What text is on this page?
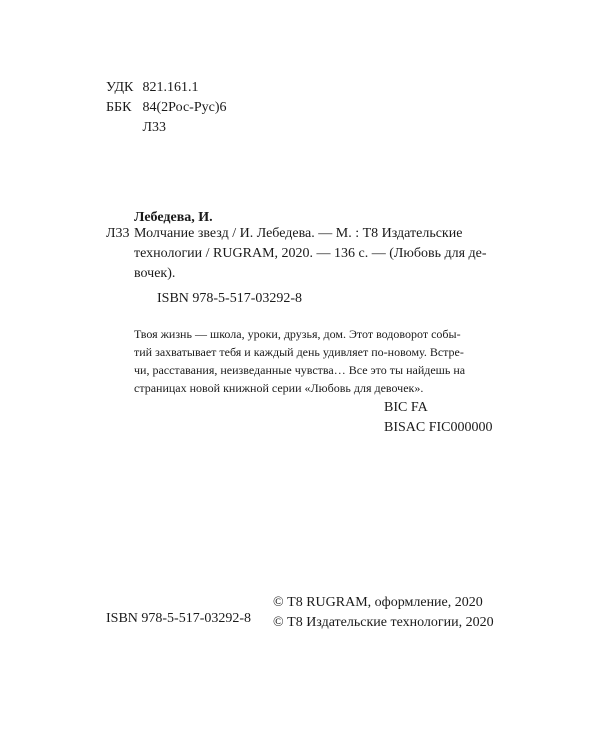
УДК 821.161.1
ББК 84(2Рос-Рус)6
Л33
Лебедева, И.
Л33 Молчание звезд / И. Лебедева. — М. : Т8 Издательские
технологии / RUGRAM, 2020. — 136 с. — (Любовь для де-
вочек).
ISBN 978-5-517-03292-8
Твоя жизнь — школа, уроки, друзья, дом. Этот водоворот собы-
тий захватывает тебя и каждый день удивляет по-новому. Встре-
чи, расставания, неизведанные чувства… Все это ты найдешь на
страницах новой книжной серии «Любовь для девочек».
BIC FA
BISAC FIC000000
ISBN 978-5-517-03292-8
© Т8 RUGRAM, оформление, 2020
© Т8 Издательские технологии, 2020
